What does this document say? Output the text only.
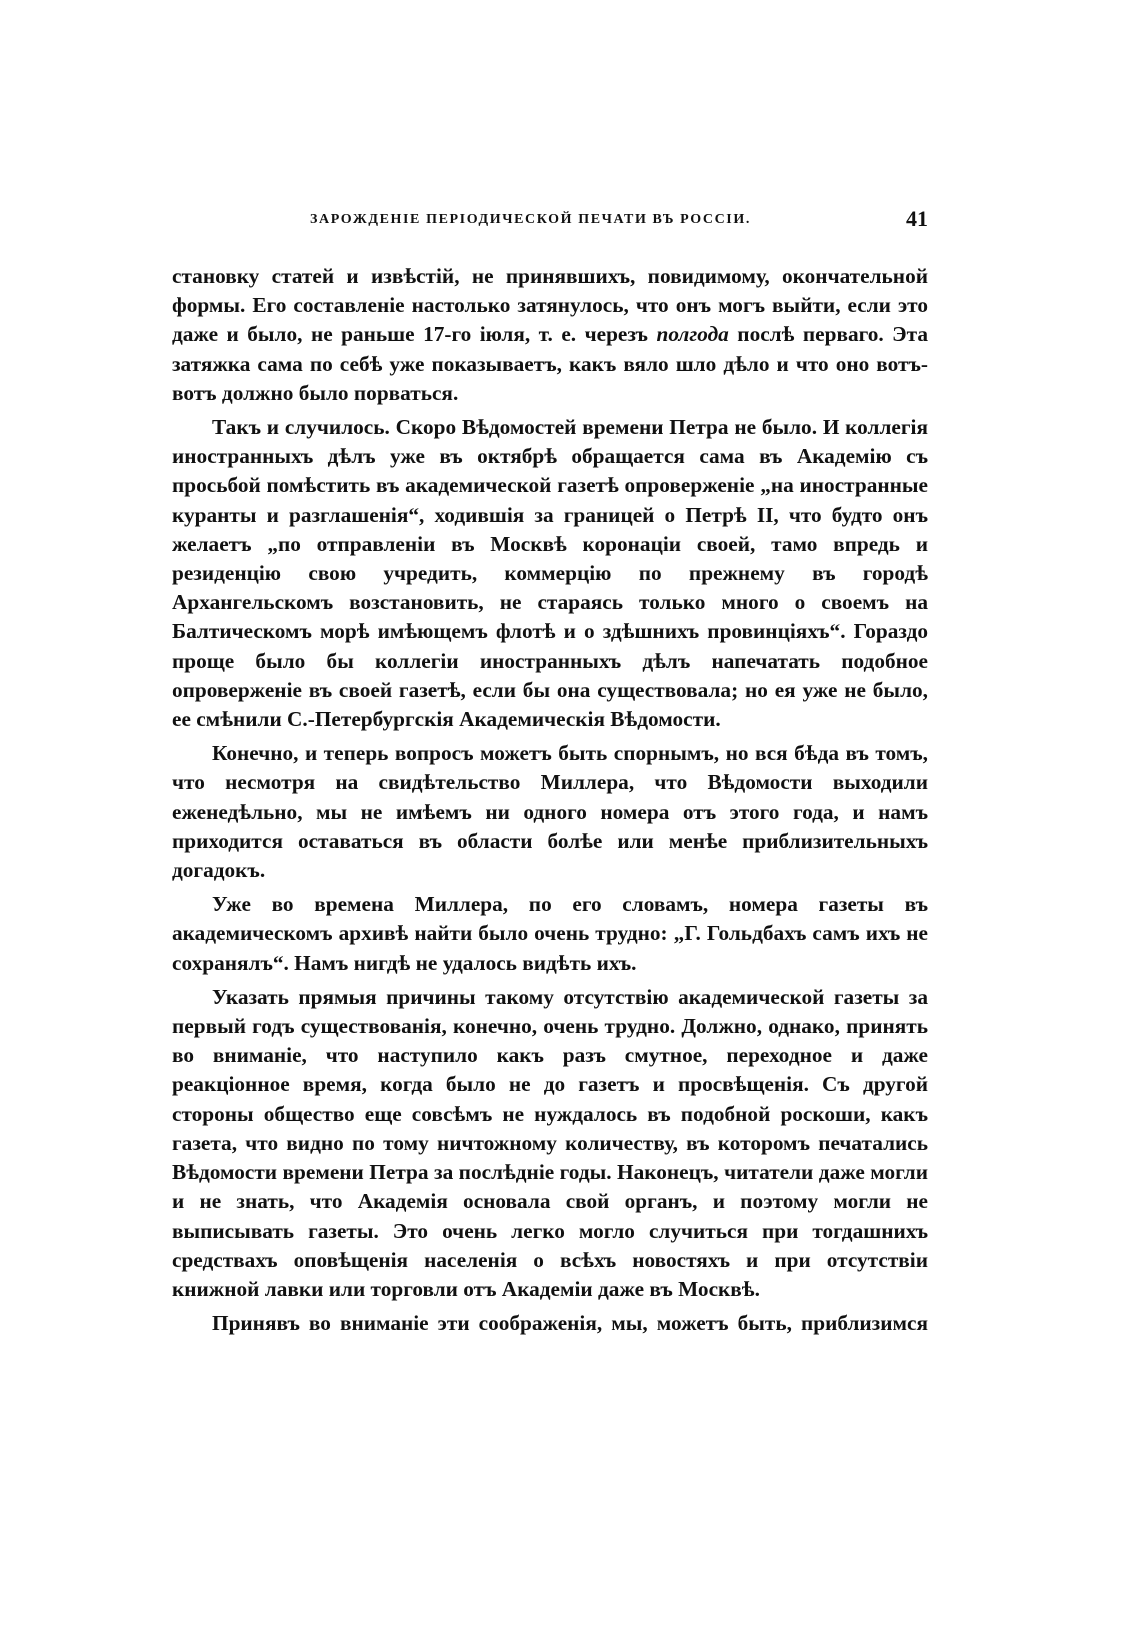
ЗАРОЖДЕНІЕ ПЕРІОДИЧЕСКОЙ ПЕЧАТИ ВЪ РОССІИ.	41

становку статей и извѣстій, не принявшихъ, повидимому, окончательной формы. Его составленіе настолько затянулось, что онъ могъ выйти, если это даже и было, не раньше 17-го іюля, т. е. черезъ полгода послѣ перваго. Эта затяжка сама по себѣ уже показываетъ, какъ вяло шло дѣло и что оно вотъ-вотъ должно было порваться.

Такъ и случилось. Скоро Вѣдомостей времени Петра не было. И коллегія иностранныхъ дѣлъ уже въ октябрѣ обращается сама въ Академію съ просьбой помѣстить въ академической газетѣ опроверженіе „на иностранные куранты и разглашенія“, ходившія за границей о Петрѣ II, что будто онъ желаетъ „по отправленіи въ Москвѣ коронаціи своей, тамо впредь и резиденцію свою учредить, коммерцію по прежнему въ городѣ Архангельскомъ возстановить, не стараясь только много о своемъ на Балтическомъ морѣ имѣющемъ флотѣ и о здѣшнихъ провинціяхъ“. Гораздо проще было бы коллегіи иностранныхъ дѣлъ напечатать подобное опроверженіе въ своей газетѣ, если бы она существовала; но ея уже не было, ее смѣнили С.-Петербургскія Академическія Вѣдомости.

Конечно, и теперь вопросъ можетъ быть спорнымъ, но вся бѣда въ томъ, что несмотря на свидѣтельство Миллера, что Вѣдомости выходили еженедѣльно, мы не имѣемъ ни одного номера отъ этого года, и намъ приходится оставаться въ области болѣе или менѣе приблизительныхъ догадокъ.

Уже во времена Миллера, по его словамъ, номера газеты въ академическомъ архивѣ найти было очень трудно: „Г. Гольдбахъ самъ ихъ не сохранялъ“. Намъ нигдѣ не удалось видѣть ихъ.

Указать прямыя причины такому отсутствію академической газеты за первый годъ существованія, конечно, очень трудно. Должно, однако, принять во вниманіе, что наступило какъ разъ смутное, переходное и даже реакціонное время, когда было не до газетъ и просвѣщенія. Съ другой стороны общество еще совсѣмъ не нуждалось въ подобной роскоши, какъ газета, что видно по тому ничтожному количеству, въ которомъ печатались Вѣдомости времени Петра за послѣдніе годы. Наконецъ, читатели даже могли и не знать, что Академія основала свой органъ, и поэтому могли не выписывать газеты. Это очень легко могло случиться при тогдашнихъ средствахъ оповѣщенія населенія о всѣхъ новостяхъ и при отсутствіи книжной лавки или торговли отъ Академіи даже въ Москвѣ.

Принявъ во вниманіе эти соображенія, мы, можетъ быть, приблизимся
